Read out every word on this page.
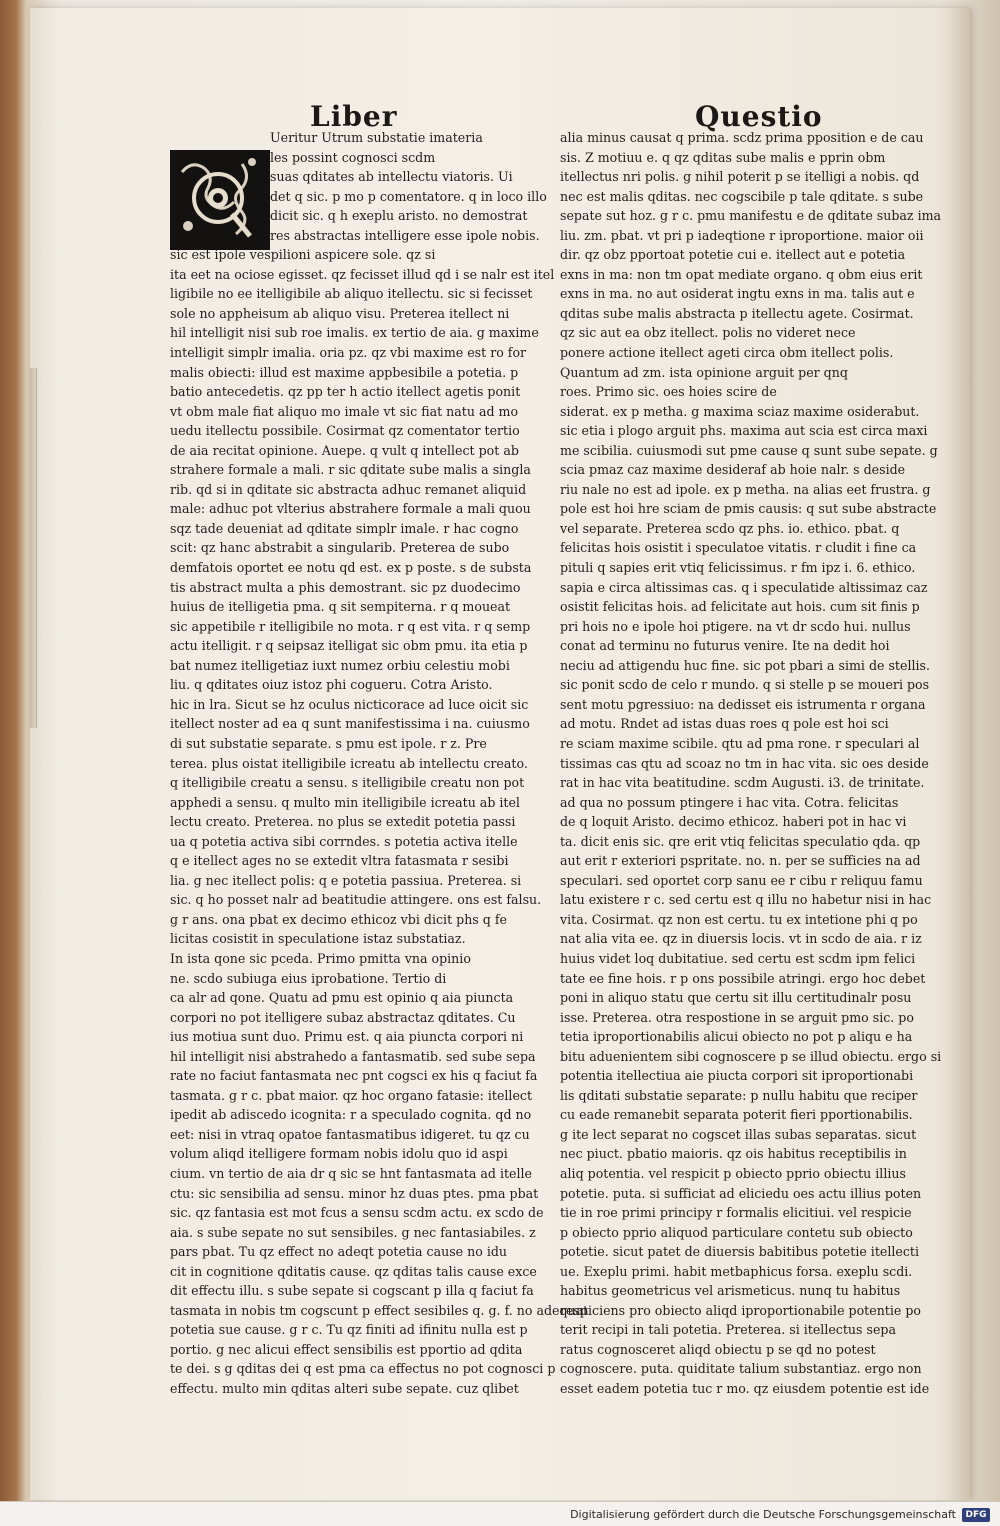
Liber	Questio

Ueritur Utrum substatie imateria

les possint cognosci scdm

suas qditates ab intellectu viatoris. Ui

det q sic. p mo p comentatore. q in loco illo

dicit sic. q h exeplu aristo. no demostrat

res abstractas intelligere esse ipole nobis.

sic est ipole vespilioni aspicere sole. qz si

ita eet na ociose egisset. qz fecisset illud qd i se nalr est itel

ligibile no ee itelligibile ab aliquo itellectu. sic si fecisset

sole no appheisum ab aliquo visu. Preterea itellect ni

hil intelligit nisi sub roe imalis. ex tertio de aia. g maxime

intelligit simplr imalia. oria pz. qz vbi maxime est ro for

malis obiecti: illud est maxime appbesibile a potetia. p

batio antecedetis. qz pp ter h actio itellect agetis ponit

vt obm male fiat aliquo mo imale vt sic fiat natu ad mo

uedu itellectu possibile. Cosirmat qz comentator tertio

de aia recitat opinione. Auepe. q vult q intellect pot ab

strahere formale a mali. r sic qditate sube malis a singla

rib. qd si in qditate sic abstracta adhuc remanet aliquid

male: adhuc pot vlterius abstrahere formale a mali quou

sqz tade deueniat ad qditate simplr imale. r hac cogno

scit: qz hanc abstrabit a singularib. Preterea de subo

demfatois oportet ee notu qd est. ex p poste. s de substa

tis abstract multa a phis demostrant. sic pz duodecimo

huius de itelligetia pma. q sit sempiterna. r q moueat

sic appetibile r itelligibile no mota. r q est vita. r q semp

actu itelligit. r q seipsaz itelligat sic obm pmu. ita etia p

bat numez itelligetiaz iuxt numez orbiu celestiu mobi

liu. q qditates oiuz istoz phi cogueru. Cotra Aristo.

hic in lra. Sicut se hz oculus nicticorace ad luce oicit sic

itellect noster ad ea q sunt manifestissima i na. cuiusmo

di sut substatie separate. s pmu est ipole. r z. Pre

terea. plus oistat itelligibile icreatu ab intellectu creato.

q itelligibile creatu a sensu. s itelligibile creatu non pot

apphedi a sensu. q multo min itelligibile icreatu ab itel

lectu creato. Preterea. no plus se extedit potetia passi

ua q potetia activa sibi corrndes. s potetia activa itelle

q e itellect ages no se extedit vltra fatasmata r sesibi

lia. g nec itellect polis: q e potetia passiua. Preterea. si

sic. q ho posset nalr ad beatitudie attingere. ons est falsu.

g r ans. ona pbat ex decimo ethicoz vbi dicit phs q fe

licitas cosistit in speculatione istaz substatiaz.

In ista qone sic pceda. Primo pmitta vna opinio

ne. scdo subiuga eius iprobatione. Tertio di

ca alr ad qone. Quatu ad pmu est opinio q aia piuncta

corpori no pot itelligere subaz abstractaz qditates. Cu

ius motiua sunt duo. Primu est. q aia piuncta corpori ni

hil intelligit nisi abstrahedo a fantasmatib. sed sube sepa

rate no faciut fantasmata nec pnt cogsci ex his q faciut fa

tasmata. g r c. pbat maior. qz hoc organo fatasie: itellect

ipedit ab adiscedo icognita: r a speculado cognita. qd no

eet: nisi in vtraq opatoe fantasmatibus idigeret. tu qz cu

volum aliqd itelligere formam nobis idolu quo id aspi

cium. vn tertio de aia dr q sic se hnt fantasmata ad itelle

ctu: sic sensibilia ad sensu. minor hz duas ptes. pma pbat

sic. qz fantasia est mot fcus a sensu scdm actu. ex scdo de

aia. s sube sepate no sut sensibiles. g nec fantasiabiles. z

pars pbat. Tu qz effect no adeqt potetia cause no idu

cit in cognitione qditatis cause. qz qditas talis cause exce

dit effectu illu. s sube sepate si cogscant p illa q faciut fa

tasmata in nobis tm cogscunt p effect sesibiles q. g. f. no adequat

potetia sue cause. g r c. Tu qz finiti ad ifinitu nulla est p

portio. g nec alicui effect sensibilis est pportio ad qdita

te dei. s g qditas dei q est pma ca effectus no pot cognosci p

effectu. multo min qditas alteri sube sepate. cuz qlibet

alia minus causat q prima. scdz prima pposition e de cau

sis. Z motiuu e. q qz qditas sube malis e pprin obm

itellectus nri polis. g nihil poterit p se itelligi a nobis. qd

nec est malis qditas. nec cogscibile p tale qditate. s sube

sepate sut hoz. g r c. pmu manifestu e de qditate subaz ima

liu. zm. pbat. vt pri p iadeqtione r iproportione. maior oii

dir. qz obz pportoat potetie cui e. itellect aut e potetia

exns in ma: non tm opat mediate organo. q obm eius erit

exns in ma. no aut osiderat ingtu exns in ma. talis aut e

qditas sube malis abstracta p itellectu agete. Cosirmat.

qz sic aut ea obz itellect. polis no videret nece

ponere actione itellect ageti circa obm itellect polis.

Quantum ad zm. ista opinione arguit per qnq

roes. Primo sic. oes hoies scire de

siderat. ex p metha. g maxima sciaz maxime osiderabut.

sic etia i plogo arguit phs. maxima aut scia est circa maxi

me scibilia. cuiusmodi sut pme cause q sunt sube sepate. g

scia pmaz caz maxime desideraf ab hoie nalr. s deside

riu nale no est ad ipole. ex p metha. na alias eet frustra. g

pole est hoi hre sciam de pmis causis: q sut sube abstracte

vel separate. Preterea scdo qz phs. io. ethico. pbat. q

felicitas hois osistit i speculatoe vitatis. r cludit i fine ca

pituli q sapies erit vtiq felicissimus. r fm ipz i. 6. ethico.

sapia e circa altissimas cas. q i speculatide altissimaz caz

osistit felicitas hois. ad felicitate aut hois. cum sit finis p

pri hois no e ipole hoi ptigere. na vt dr scdo hui. nullus

conat ad terminu no futurus venire. Ite na dedit hoi

neciu ad attigendu huc fine. sic pot pbari a simi de stellis.

sic ponit scdo de celo r mundo. q si stelle p se moueri pos

sent motu pgressiuo: na dedisset eis istrumenta r organa

ad motu. Rndet ad istas duas roes q pole est hoi sci

re sciam maxime scibile. qtu ad pma rone. r speculari al

tissimas cas qtu ad scoaz no tm in hac vita. sic oes deside

rat in hac vita beatitudine. scdm Augusti. i3. de trinitate.

ad qua no possum ptingere i hac vita. Cotra. felicitas

de q loquit Aristo. decimo ethicoz. haberi pot in hac vi

ta. dicit enis sic. qre erit vtiq felicitas speculatio qda. qp

aut erit r exteriori pspritate. no. n. per se sufficies na ad

speculari. sed oportet corp sanu ee r cibu r reliquu famu

latu existere r c. sed certu est q illu no habetur nisi in hac

vita. Cosirmat. qz non est certu. tu ex intetione phi q po

nat alia vita ee. qz in diuersis locis. vt in scdo de aia. r iz

huius videt loq dubitatiue. sed certu est scdm ipm felici

tate ee fine hois. r p ons possibile atringi. ergo hoc debet

poni in aliquo statu que certu sit illu certitudinalr posu

isse. Preterea. otra respostione in se arguit pmo sic. po

tetia iproportionabilis alicui obiecto no pot p aliqu e ha

bitu aduenientem sibi cognoscere p se illud obiectu. ergo si

potentia itellectiua aie piucta corpori sit iproportionabi

lis qditati substatie separate: p nullu habitu que reciper

cu eade remanebit separata poterit fieri pportionabilis.

g ite lect separat no cogscet illas subas separatas. sicut

nec piuct. pbatio maioris. qz ois habitus receptibilis in

aliq potentia. vel respicit p obiecto pprio obiectu illius

potetie. puta. si sufficiat ad eliciedu oes actu illius poten

tie in roe primi principy r formalis elicitiui. vel respicie

p obiecto pprio aliquod particulare contetu sub obiecto

potetie. sicut patet de diuersis babitibus potetie itellecti

ue. Exeplu primi. habit metbaphicus forsa. exeplu scdi.

habitus geometricus vel arismeticus. nunq tu habitus

respiciens pro obiecto aliqd iproportionabile potentie po

terit recipi in tali potetia. Preterea. si itellectus sepa

ratus cognosceret aliqd obiectu p se qd no potest

cognoscere. puta. quiditate talium substantiaz. ergo non

esset eadem potetia tuc r mo. qz eiusdem potentie est ide

Digitalisierung gefördert durch die Deutsche Forschungsgemeinschaft	DFG
